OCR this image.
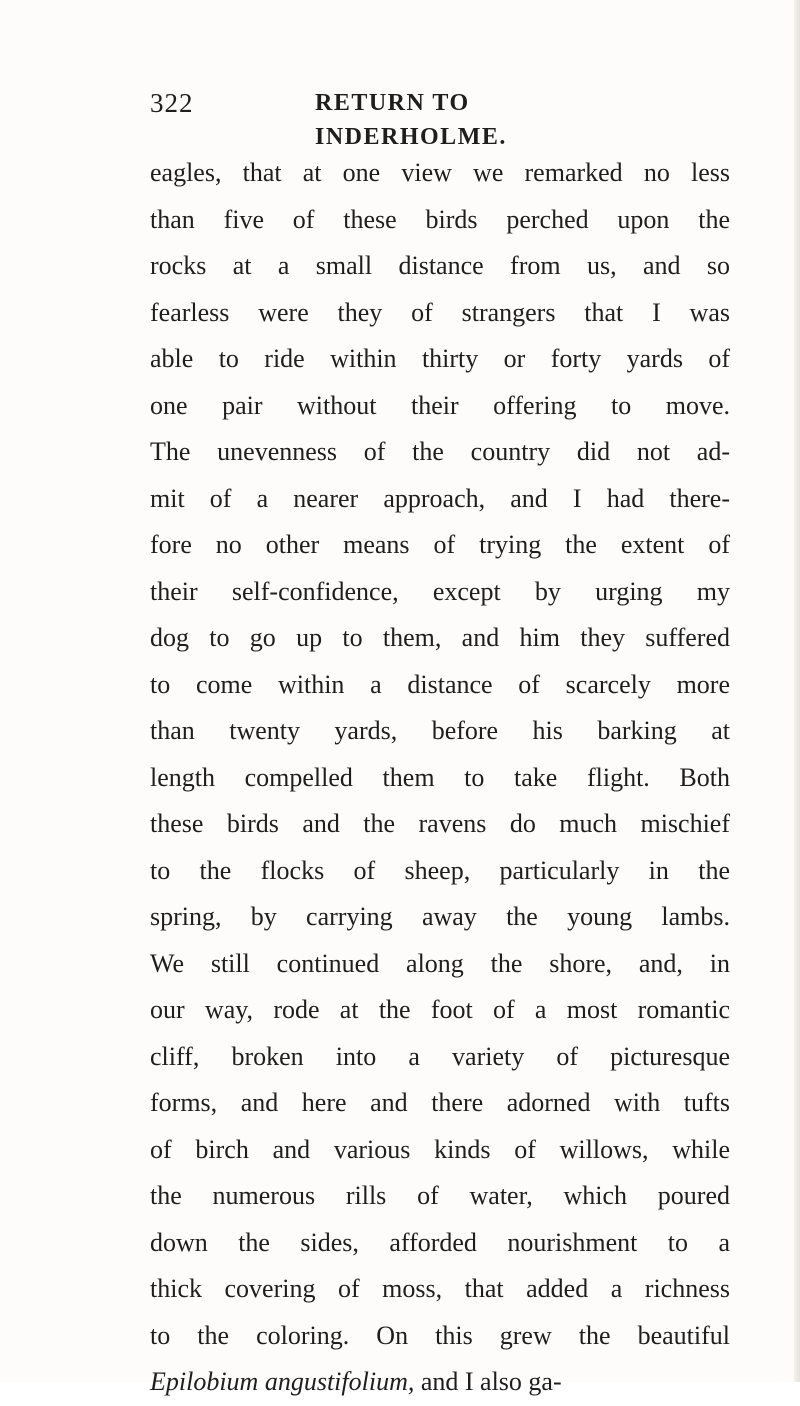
322	RETURN TO INDERHOLME.
eagles, that at one view we remarked no less
than five of these birds perched upon the
rocks at a small distance from us, and so
fearless were they of strangers that I was
able to ride within thirty or forty yards of
one pair without their offering to move.
The unevenness of the country did not ad-
mit of a nearer approach, and I had there-
fore no other means of trying the extent of
their self-confidence, except by urging my
dog to go up to them, and him they suffered
to come within a distance of scarcely more
than twenty yards, before his barking at
length compelled them to take flight. Both
these birds and the ravens do much mischief
to the flocks of sheep, particularly in the
spring, by carrying away the young lambs.
We still continued along the shore, and, in
our way, rode at the foot of a most romantic
cliff, broken into a variety of picturesque
forms, and here and there adorned with tufts
of birch and various kinds of willows, while
the numerous rills of water, which poured
down the sides, afforded nourishment to a
thick covering of moss, that added a richness
to the coloring. On this grew the beautiful
Epilobium angustifolium, and I also ga-
